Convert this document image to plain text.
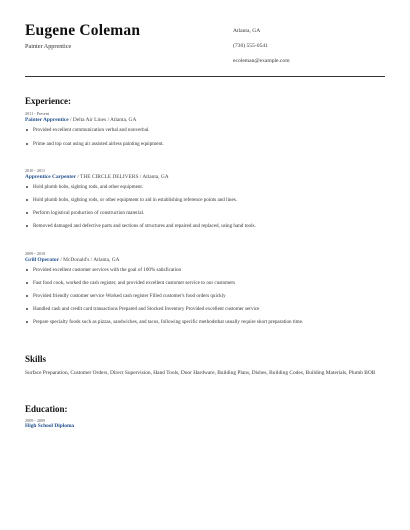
Eugene Coleman
Painter Apprentice
Atlanta, GA
(730) 555-0541
ecoleman@example.com
Experience:
2011 - Present
Painter Apprentice / Delta Air Lines / Atlanta, GA
Provided excellent communication verbal and nonverbal.
Prime and top coat using air assisted airless painting equipment.
2010 - 2011
Apprentice Carpenter / THE CIRCLE DELIVERS / Atlanta, GA
Hold plumb bobs, sighting rods, and other equipment.
Hold plumb bobs, sighting rods, or other equipment to aid in establishing reference points and lines.
Perform logistical production of construction material.
Removed damaged and defective parts and sections of structures and repaired and replaced, using hand tools.
2009 - 2010
Grill Operator / McDonald's / Atlanta, GA
Provided excellent customer services with the goal of 100% satisfication
Fast food cook, worked the cash register, and provided excellent customer service to our customers
Provided friendly customer service Worked cash register Filled customer's food orders quickly
Handled cash and credit card transactions Prepared and Stocked Inventory Provided excellent customer service
Prepare specialty foods such as pizzas, sandwiches, and tacos, following specific methodsthat usually require short preparation time.
Skills
Surface Preparation, Customer Orders, Direct Supervision, Hand Tools, Door Hardware, Building Plans, Dishes, Building Codes, Building Materials, Plumb BOB
Education:
2009 - 2009
High School Diploma
